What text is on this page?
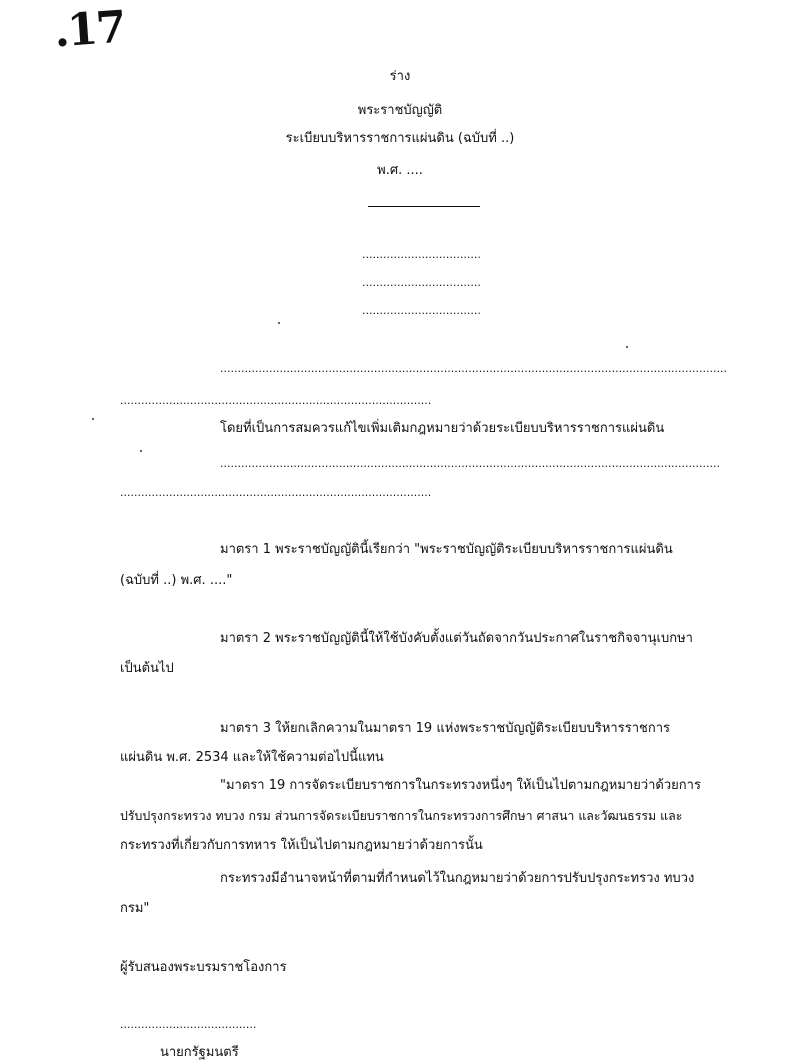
.17
ร่าง
พระราชบัญญัติ
ระเบียบบริหารราชการแผ่นดิน (ฉบับที่ ..)
พ.ศ. ....
..................................
..................................
..................................
.................................................................................................................................................
.........................................................................................
โดยที่เป็นการสมควรแก้ไขเพิ่มเติมกฎหมายว่าด้วยระเบียบบริหารราชการแผ่นดิน
...............................................................................................................................................
.........................................................................................
มาตรา 1 พระราชบัญญัตินี้เรียกว่า "พระราชบัญญัติระเบียบบริหารราชการแผ่นดิน
(ฉบับที่ ..) พ.ศ. ...."
มาตรา 2 พระราชบัญญัตินี้ให้ใช้บังคับตั้งแต่วันถัดจากวันประกาศในราชกิจจานุเบกษา
เป็นต้นไป
มาตรา 3 ให้ยกเลิกความในมาตรา 19 แห่งพระราชบัญญัติระเบียบบริหารราชการ
แผ่นดิน พ.ศ. 2534 และให้ใช้ความต่อไปนี้แทน
"มาตรา 19 การจัดระเบียบราชการในกระทรวงหนึ่งๆ ให้เป็นไปตามกฎหมายว่าด้วยการ
ปรับปรุงกระทรวง ทบวง กรม ส่วนการจัดระเบียบราชการในกระทรวงการศึกษา ศาสนา และวัฒนธรรม และ
กระทรวงที่เกี่ยวกับการทหาร ให้เป็นไปตามกฎหมายว่าด้วยการนั้น
กระทรวงมีอำนาจหน้าที่ตามที่กำหนดไว้ในกฎหมายว่าด้วยการปรับปรุงกระทรวง ทบวง
กรม"
ผู้รับสนองพระบรมราชโองการ
.......................................
นายกรัฐมนตรี
